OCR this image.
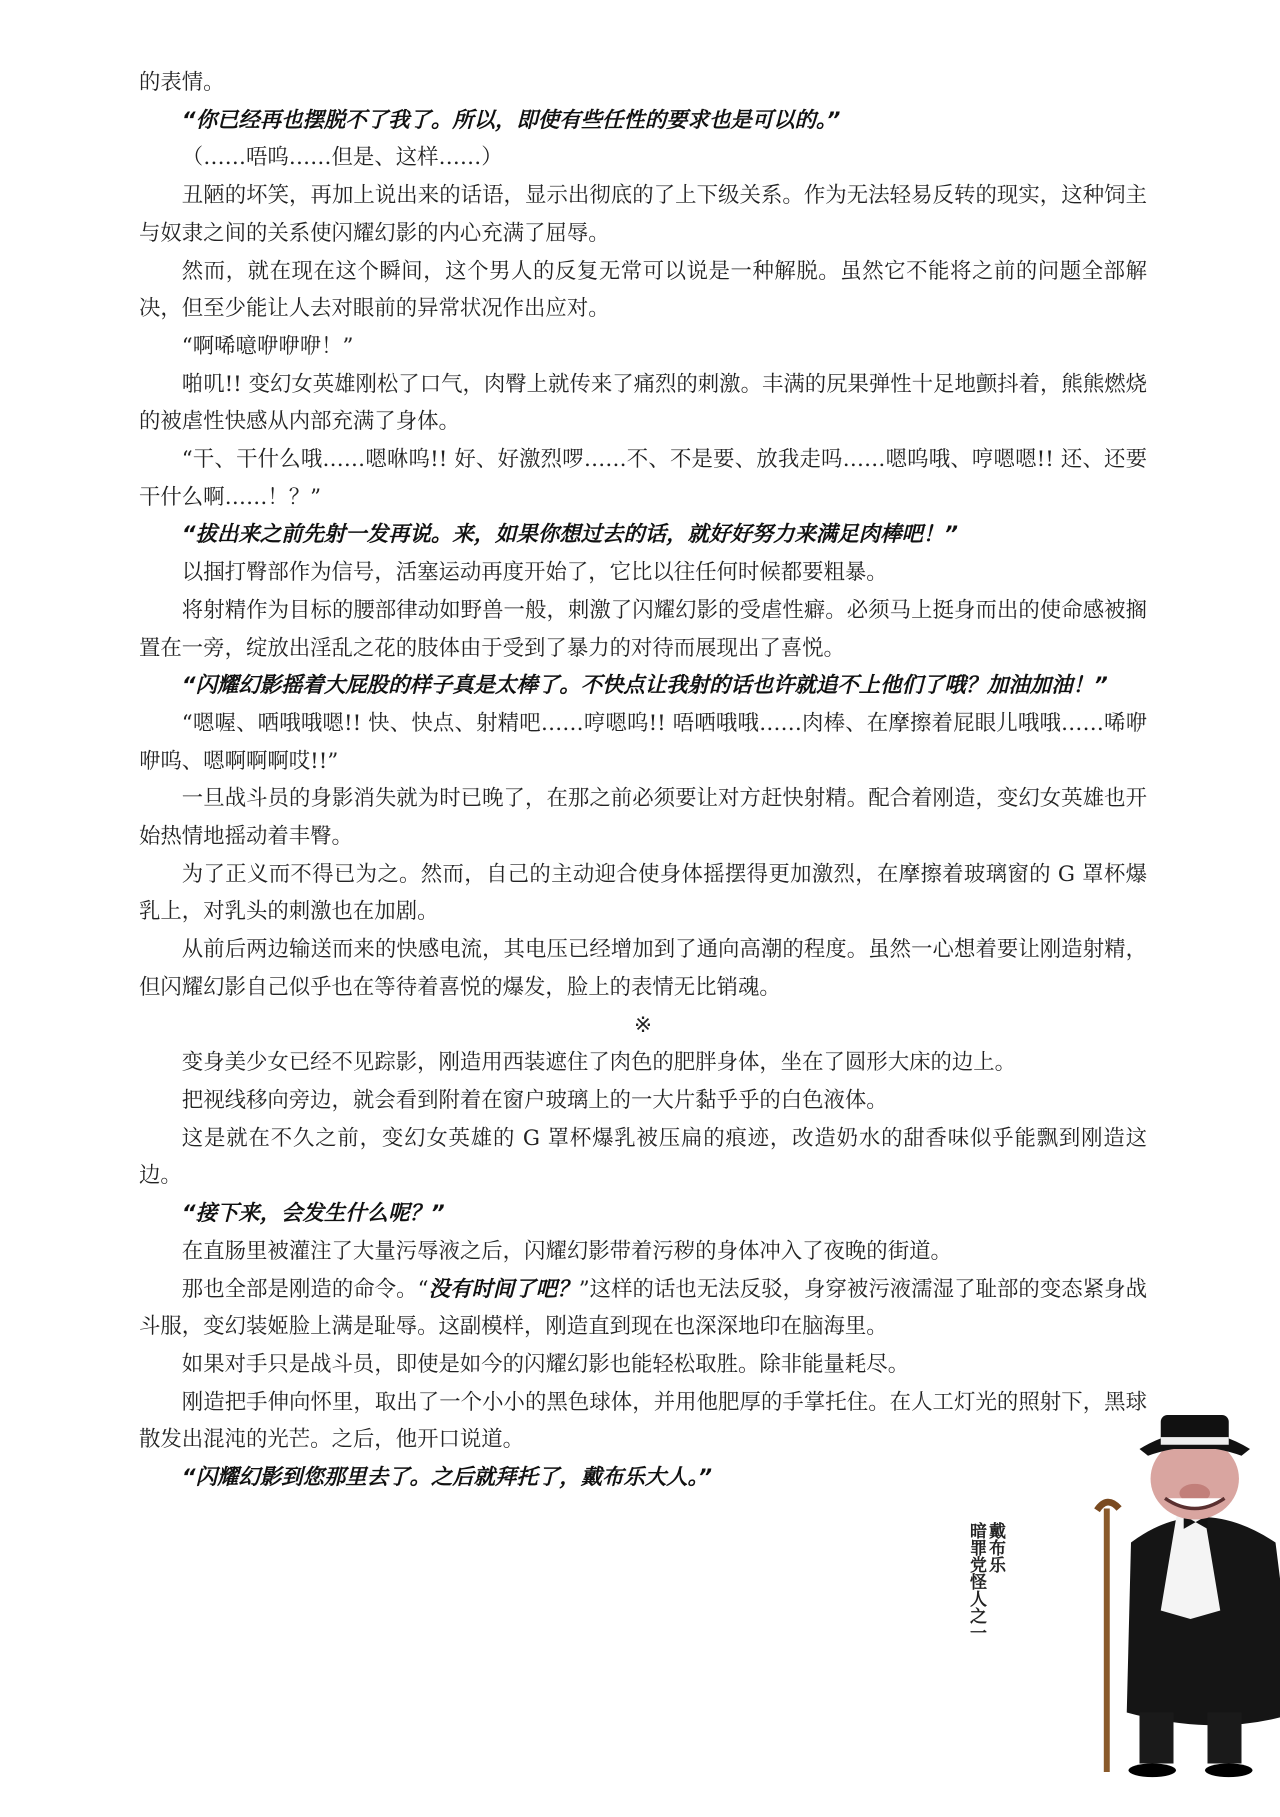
的表情。

“你已经再也摆脱不了我了。所以，即使有些任性的要求也是可以的。”

（……唔呜……但是、这样……）

丑陋的坏笑，再加上说出来的话语，显示出彻底的了上下级关系。作为无法轻易反转的现实，这种饲主与奴隶之间的关系使闪耀幻影的内心充满了屈辱。

然而，就在现在这个瞬间，这个男人的反复无常可以说是一种解脱。虽然它不能将之前的问题全部解决，但至少能让人去对眼前的异常状况作出应对。

“啊唏噫咿咿咿！”

啪叽!! 变幻女英雄刚松了口气，肉臀上就传来了痛烈的刺激。丰满的尻果弹性十足地颤抖着，熊熊燃烧的被虐性快感从内部充满了身体。

“干、干什么哦……嗯咻呜!! 好、好激烈啰……不、不是要、放我走吗……嗯呜哦、哼嗯嗯!! 还、还要干什么啊……！？”

“拔出来之前先射一发再说。来，如果你想过去的话，就好好努力来满足肉棒吧！”

以掴打臀部作为信号，活塞运动再度开始了，它比以往任何时候都要粗暴。

将射精作为目标的腰部律动如野兽一般，刺激了闪耀幻影的受虐性癖。必须马上挺身而出的使命感被搁置在一旁，绽放出淫乱之花的肢体由于受到了暴力的对待而展现出了喜悦。

“闪耀幻影摇着大屁股的样子真是太棒了。不快点让我射的话也许就追不上他们了哦？加油加油！”

“嗯喔、哂哦哦嗯!! 快、快点、射精吧……哼嗯呜!! 唔哂哦哦……肉棒、在摩擦着屁眼儿哦哦……唏咿咿呜、嗯啊啊啊哎!!”

一旦战斗员的身影消失就为时已晚了，在那之前必须要让对方赶快射精。配合着刚造，变幻女英雄也开始热情地摇动着丰臀。

为了正义而不得已为之。然而，自己的主动迎合使身体摇摆得更加激烈，在摩擦着玻璃窗的 G 罩杯爆乳上，对乳头的刺激也在加剧。

从前后两边输送而来的快感电流，其电压已经增加到了通向高潮的程度。虽然一心想着要让刚造射精，但闪耀幻影自己似乎也在等待着喜悦的爆发，脸上的表情无比销魂。

※

变身美少女已经不见踪影，刚造用西装遮住了肉色的肥胖身体，坐在了圆形大床的边上。

把视线移向旁边，就会看到附着在窗户玻璃上的一大片黏乎乎的白色液体。

这是就在不久之前，变幻女英雄的 G 罩杯爆乳被压扁的痕迹，改造奶水的甜香味似乎能飘到刚造这边。

“接下来，会发生什么呢？”

在直肠里被灌注了大量污辱液之后，闪耀幻影带着污秽的身体冲入了夜晚的街道。

那也全部是刚造的命令。“没有时间了吧？”这样的话也无法反驳，身穿被污液濡湿了耻部的变态紧身战斗服，变幻装姬脸上满是耻辱。这副模样，刚造直到现在也深深地印在脑海里。

如果对手只是战斗员，即使是如今的闪耀幻影也能轻松取胜。除非能量耗尽。

刚造把手伸向怀里，取出了一个小小的黑色球体，并用他肥厚的手掌托住。在人工灯光的照射下，黑球散发出混沌的光芒。之后，他开口说道。

“闪耀幻影到您那里去了。之后就拜托了，戴布乐大人。”

戴布乐
暗罪党怪人之一
